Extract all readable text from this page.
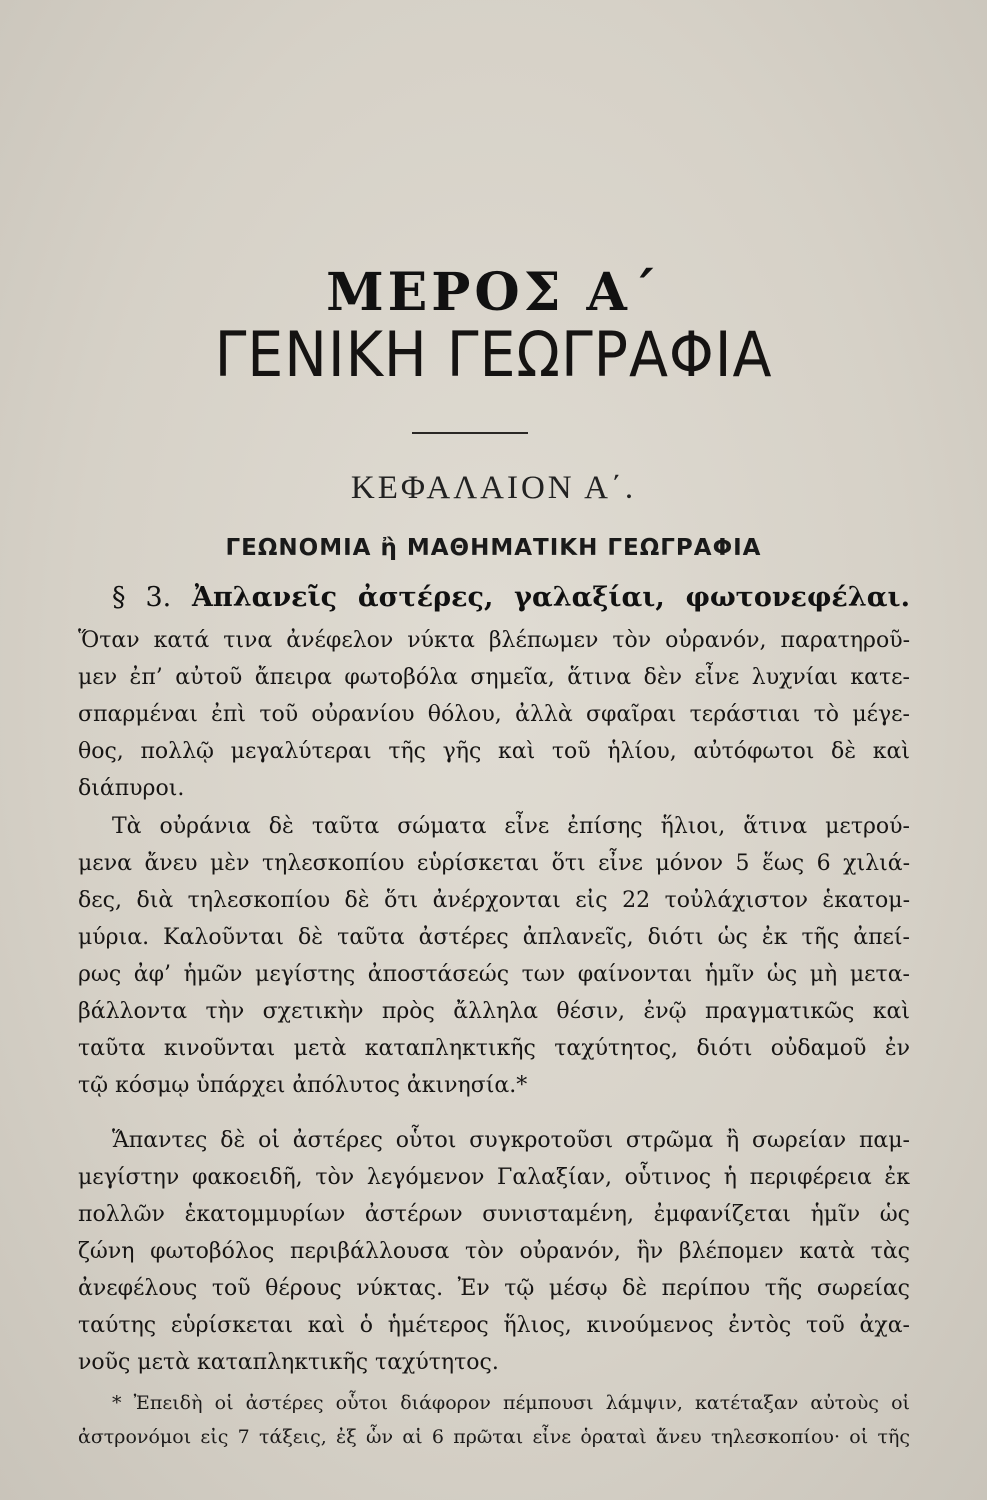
ΜΕΡΟΣ Α΄
ΓΕΝΙΚΗ ΓΕΩΓΡΑΦΙΑ
ΚΕΦΑΛΑΙΟΝ Α΄.
ΓΕΩΝΟΜΙΑ ἢ ΜΑΘΗΜΑΤΙΚΗ ΓΕΩΓΡΑΦΙΑ
§ 3. Ἀπλανεῖς ἀστέρες, γαλαξίαι, φωτονεφέλαι.
Ὅταν κατά τινα ἀνέφελον νύκτα βλέπωμεν τὸν οὐρανόν, παρατηροῦ-
μεν ἐπ’ αὐτοῦ ἄπειρα φωτοβόλα σημεῖα, ἅτινα δὲν εἶνε λυχνίαι κατε-
σπαρμέναι ἐπὶ τοῦ οὐρανίου θόλου, ἀλλὰ σφαῖραι τεράστιαι τὸ μέγε-
θος, πολλῷ μεγαλύτεραι τῆς γῆς καὶ τοῦ ἡλίου, αὐτόφωτοι δὲ καὶ
διάπυροι.
Τὰ οὐράνια δὲ ταῦτα σώματα εἶνε ἐπίσης ἥλιοι, ἅτινα μετρού-
μενα ἄνευ μὲν τηλεσκοπίου εὑρίσκεται ὅτι εἶνε μόνον 5 ἕως 6 χιλιά-
δες, διὰ τηλεσκοπίου δὲ ὅτι ἀνέρχονται εἰς 22 τοὐλάχιστον ἑκατομ-
μύρια. Καλοῦνται δὲ ταῦτα ἀστέρες ἀπλανεῖς, διότι ὡς ἐκ τῆς ἀπεί-
ρως ἀφ’ ἡμῶν μεγίστης ἀποστάσεώς των φαίνονται ἡμῖν ὡς μὴ μετα-
βάλλοντα τὴν σχετικὴν πρὸς ἄλληλα θέσιν, ἐνῷ πραγματικῶς καὶ
ταῦτα κινοῦνται μετὰ καταπληκτικῆς ταχύτητος, διότι οὐδαμοῦ ἐν
τῷ κόσμῳ ὑπάρχει ἀπόλυτος ἀκινησία.*
Ἅπαντες δὲ οἱ ἀστέρες οὗτοι συγκροτοῦσι στρῶμα ἢ σωρείαν παμ-
μεγίστην φακοειδῆ, τὸν λεγόμενον Γαλαξίαν, οὗτινος ἡ περιφέρεια ἐκ
πολλῶν ἑκατομμυρίων ἀστέρων συνισταμένη, ἐμφανίζεται ἡμῖν ὡς
ζώνη φωτοβόλος περιβάλλουσα τὸν οὐρανόν, ἣν βλέπομεν κατὰ τὰς
ἀνεφέλους τοῦ θέρους νύκτας. Ἐν τῷ μέσῳ δὲ περίπου τῆς σωρείας
ταύτης εὑρίσκεται καὶ ὁ ἡμέτερος ἥλιος, κινούμενος ἐντὸς τοῦ ἀχα-
νοῦς μετὰ καταπληκτικῆς ταχύτητος.
* Ἐπειδὴ οἱ ἀστέρες οὗτοι διάφορον πέμπουσι λάμψιν, κατέταξαν αὐτοὺς οἱ
ἀστρονόμοι εἰς 7 τάξεις, ἐξ ὧν αἱ 6 πρῶται εἶνε ὁραταὶ ἄνευ τηλεσκοπίου· οἱ τῆς
